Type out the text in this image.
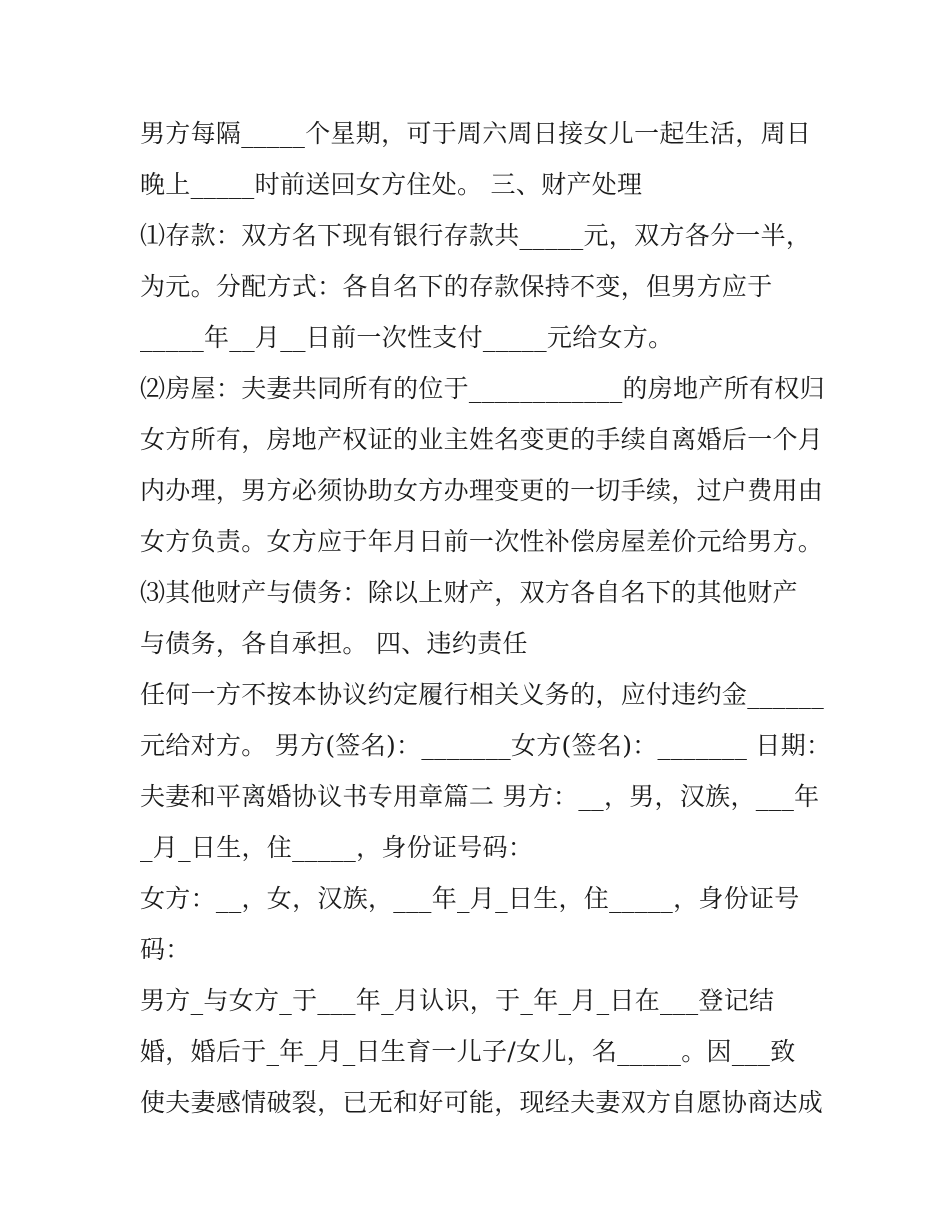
男方每隔_____个星期，可于周六周日接女儿一起生活，周日
晚上_____时前送回女方住处。 三、财产处理
⑴存款：双方名下现有银行存款共_____元，双方各分一半，
为元。分配方式：各自名下的存款保持不变，但男方应于
_____年__月__日前一次性支付_____元给女方。
⑵房屋：夫妻共同所有的位于____________的房地产所有权归
女方所有，房地产权证的业主姓名变更的手续自离婚后一个月
内办理，男方必须协助女方办理变更的一切手续，过户费用由
女方负责。女方应于年月日前一次性补偿房屋差价元给男方。
⑶其他财产与债务：除以上财产，双方各自名下的其他财产
与债务，各自承担。 四、违约责任
任何一方不按本协议约定履行相关义务的，应付违约金______
元给对方。 男方(签名)：_______女方(签名)：_______ 日期：
夫妻和平离婚协议书专用章篇二 男方：__，男，汉族，___年
_月_日生，住_____，身份证号码：
女方：__，女，汉族，___年_月_日生，住_____，身份证号
码：
男方_与女方_于___年_月认识，于_年_月_日在___登记结
婚，婚后于_年_月_日生育一儿子/女儿，名_____。因___致
使夫妻感情破裂，已无和好可能，现经夫妻双方自愿协商达成
